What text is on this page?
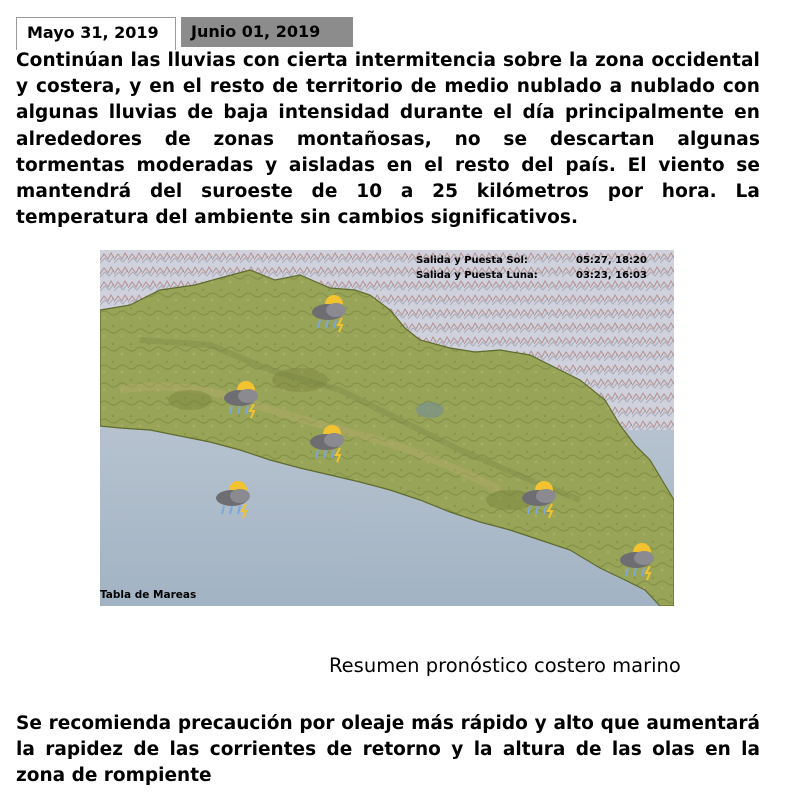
Mayo 31, 2019	Junio 01, 2019

Continúan las lluvias con cierta intermitencia sobre la zona occidental y costera, y en el resto de territorio de medio nublado a nublado con algunas lluvias de baja intensidad durante el día principalmente en alrededores de zonas montañosas, no se descartan algunas tormentas moderadas y aisladas en el resto del país. El viento se mantendrá del suroeste de 10 a 25 kilómetros por hora. La temperatura del ambiente sin cambios significativos.

Salida y Puesta Sol:	05:27, 18:20
Salida y Puesta Luna:	03:23, 16:03
Tabla de Mareas
Resumen pronóstico costero marino

Se recomienda precaución por oleaje más rápido y alto que aumentará la rapidez de las corrientes de retorno y la altura de las olas en la zona de rompiente
